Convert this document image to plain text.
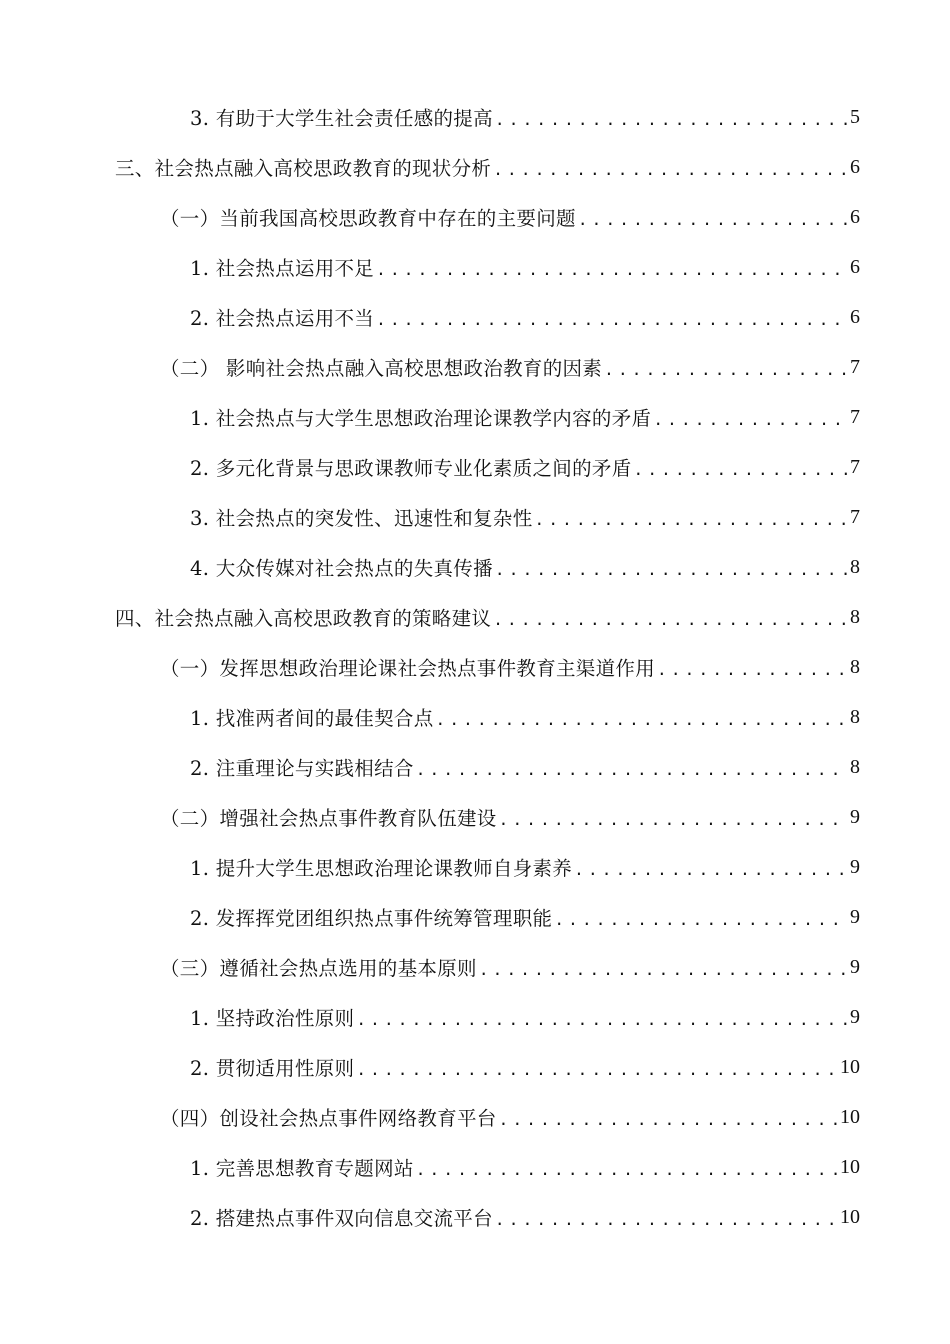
3. 有助于大学生社会责任感的提高 .....	5
三、社会热点融入高校思政教育的现状分析 .....	6
（一）当前我国高校思政教育中存在的主要问题 .....	6
1. 社会热点运用不足 .....	6
2. 社会热点运用不当 .....	6
（二） 影响社会热点融入高校思想政治教育的因素 .....	7
1. 社会热点与大学生思想政治理论课教学内容的矛盾 .....	7
2. 多元化背景与思政课教师专业化素质之间的矛盾 .....	7
3. 社会热点的突发性、迅速性和复杂性 .....	7
4. 大众传媒对社会热点的失真传播 .....	8
四、社会热点融入高校思政教育的策略建议 .....	8
（一）发挥思想政治理论课社会热点事件教育主渠道作用 .....	8
1. 找准两者间的最佳契合点 .....	8
2. 注重理论与实践相结合 .....	8
（二）增强社会热点事件教育队伍建设 .....	9
1. 提升大学生思想政治理论课教师自身素养 .....	9
2. 发挥挥党团组织热点事件统筹管理职能 .....	9
（三）遵循社会热点选用的基本原则 .....	9
1. 坚持政治性原则 .....	9
2. 贯彻适用性原则 .....	10
（四）创设社会热点事件网络教育平台 .....	10
1. 完善思想教育专题网站 .....	10
2. 搭建热点事件双向信息交流平台 .....	10
